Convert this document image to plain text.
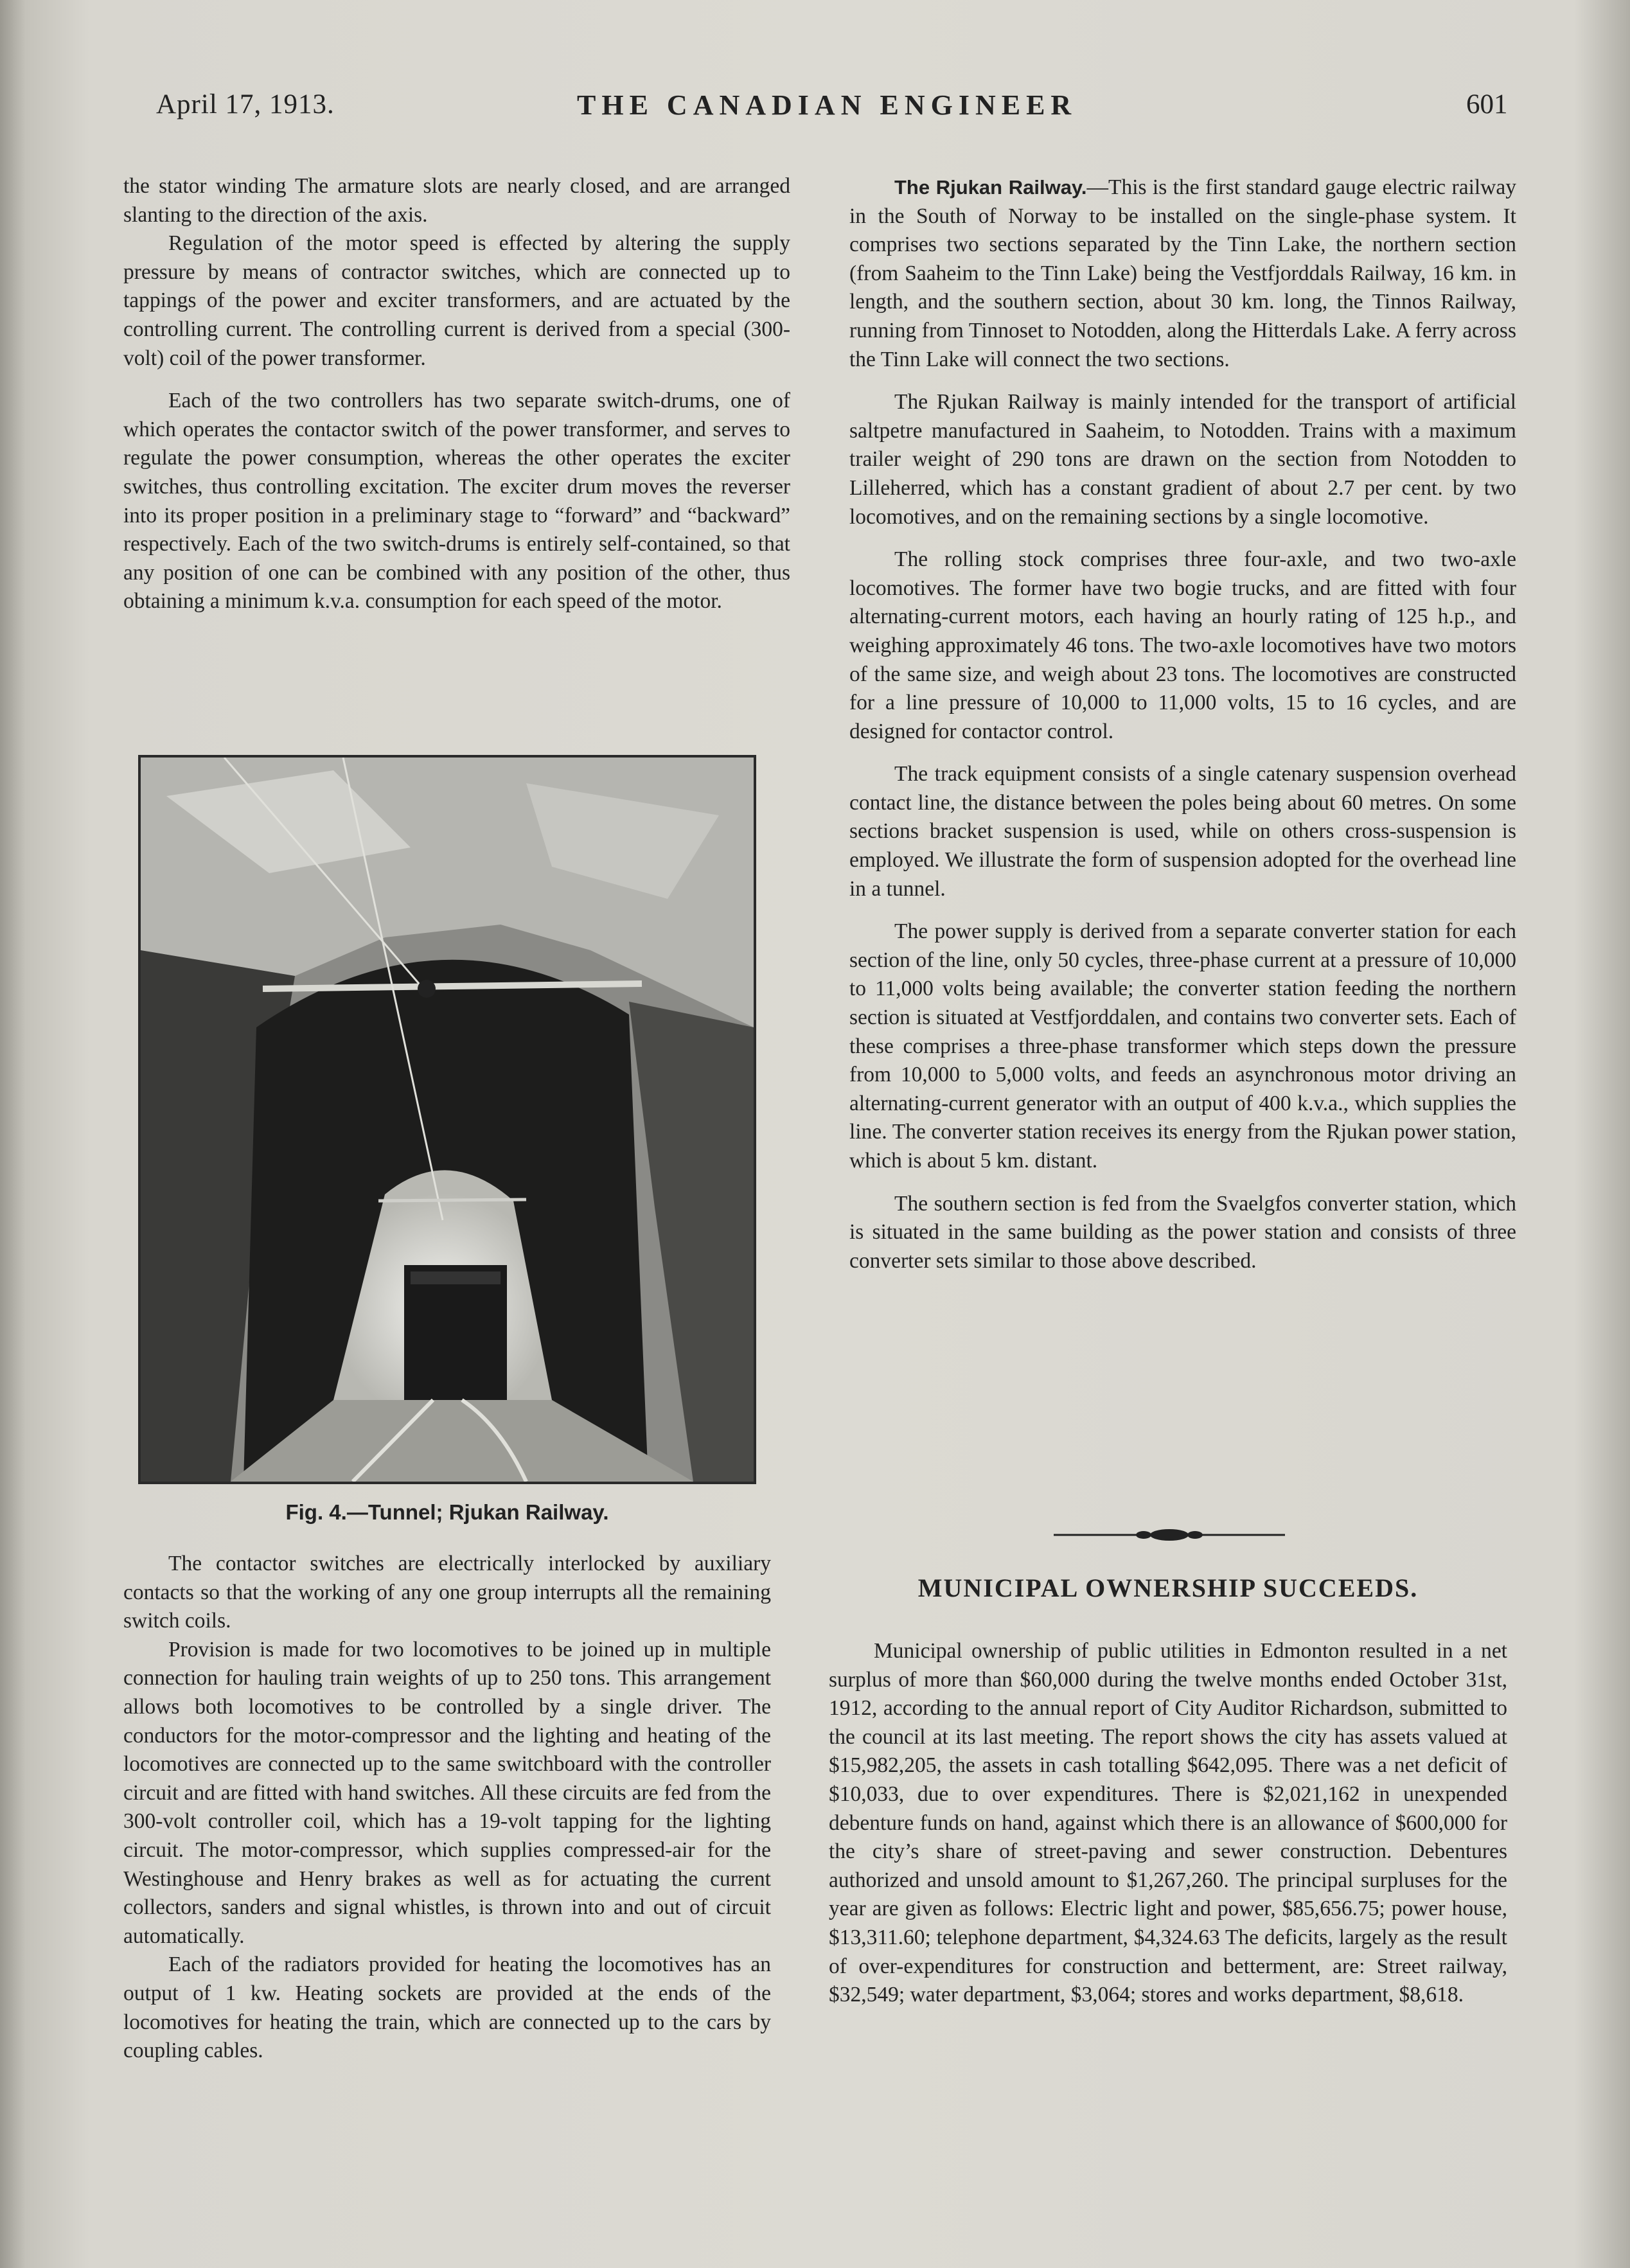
April 17, 1913.	THE CANADIAN ENGINEER	601

the stator winding The armature slots are nearly closed, and are arranged slanting to the direction of the axis.

Regulation of the motor speed is effected by altering the supply pressure by means of contractor switches, which are connected up to tappings of the power and exciter transformers, and are actuated by the controlling current. The controlling current is derived from a special (300-volt) coil of the power transformer.

Each of the two controllers has two separate switch-drums, one of which operates the contactor switch of the power transformer, and serves to regulate the power consumption, whereas the other operates the exciter switches, thus controlling excitation. The exciter drum moves the reverser into its proper position in a preliminary stage to “forward” and “backward” respectively. Each of the two switch-drums is entirely self-contained, so that any position of one can be combined with any position of the other, thus obtaining a minimum k.v.a. consumption for each speed of the motor.

Fig. 4.—Tunnel; Rjukan Railway.

The contactor switches are electrically interlocked by auxiliary contacts so that the working of any one group interrupts all the remaining switch coils.

Provision is made for two locomotives to be joined up in multiple connection for hauling train weights of up to 250 tons. This arrangement allows both locomotives to be controlled by a single driver. The conductors for the motor-compressor and the lighting and heating of the locomotives are connected up to the same switchboard with the controller circuit and are fitted with hand switches. All these circuits are fed from the 300-volt controller coil, which has a 19-volt tapping for the lighting circuit. The motor-compressor, which supplies compressed-air for the Westinghouse and Henry brakes as well as for actuating the current collectors, sanders and signal whistles, is thrown into and out of circuit automatically.

Each of the radiators provided for heating the locomotives has an output of 1 kw. Heating sockets are provided at the ends of the locomotives for heating the train, which are connected up to the cars by coupling cables.

The Rjukan Railway.—This is the first standard gauge electric railway in the South of Norway to be installed on the single-phase system. It comprises two sections separated by the Tinn Lake, the northern section (from Saaheim to the Tinn Lake) being the Vestfjorddals Railway, 16 km. in length, and the southern section, about 30 km. long, the Tinnos Railway, running from Tinnoset to Notodden, along the Hitterdals Lake. A ferry across the Tinn Lake will connect the two sections.

The Rjukan Railway is mainly intended for the transport of artificial saltpetre manufactured in Saaheim, to Notodden. Trains with a maximum trailer weight of 290 tons are drawn on the section from Notodden to Lilleherred, which has a constant gradient of about 2.7 per cent. by two locomotives, and on the remaining sections by a single locomotive.

The rolling stock comprises three four-axle, and two two-axle locomotives. The former have two bogie trucks, and are fitted with four alternating-current motors, each having an hourly rating of 125 h.p., and weighing approximately 46 tons. The two-axle locomotives have two motors of the same size, and weigh about 23 tons. The locomotives are constructed for a line pressure of 10,000 to 11,000 volts, 15 to 16 cycles, and are designed for contactor control.

The track equipment consists of a single catenary suspension overhead contact line, the distance between the poles being about 60 metres. On some sections bracket suspension is used, while on others cross-suspension is employed. We illustrate the form of suspension adopted for the overhead line in a tunnel.

The power supply is derived from a separate converter station for each section of the line, only 50 cycles, three-phase current at a pressure of 10,000 to 11,000 volts being available; the converter station feeding the northern section is situated at Vestfjorddalen, and contains two converter sets. Each of these comprises a three-phase transformer which steps down the pressure from 10,000 to 5,000 volts, and feeds an asynchronous motor driving an alternating-current generator with an output of 400 k.v.a., which supplies the line. The converter station receives its energy from the Rjukan power station, which is about 5 km. distant.

The southern section is fed from the Svaelgfos converter station, which is situated in the same building as the power station and consists of three converter sets similar to those above described.

MUNICIPAL OWNERSHIP SUCCEEDS.

Municipal ownership of public utilities in Edmonton resulted in a net surplus of more than $60,000 during the twelve months ended October 31st, 1912, according to the annual report of City Auditor Richardson, submitted to the council at its last meeting. The report shows the city has assets valued at $15,982,205, the assets in cash totalling $642,095. There was a net deficit of $10,033, due to over expenditures. There is $2,021,162 in unexpended debenture funds on hand, against which there is an allowance of $600,000 for the city’s share of street-paving and sewer construction. Debentures authorized and unsold amount to $1,267,260. The principal surpluses for the year are given as follows: Electric light and power, $85,656.75; power house, $13,311.60; telephone department, $4,324.63 The deficits, largely as the result of over-expenditures for construction and betterment, are: Street railway, $32,549; water department, $3,064; stores and works department, $8,618.
